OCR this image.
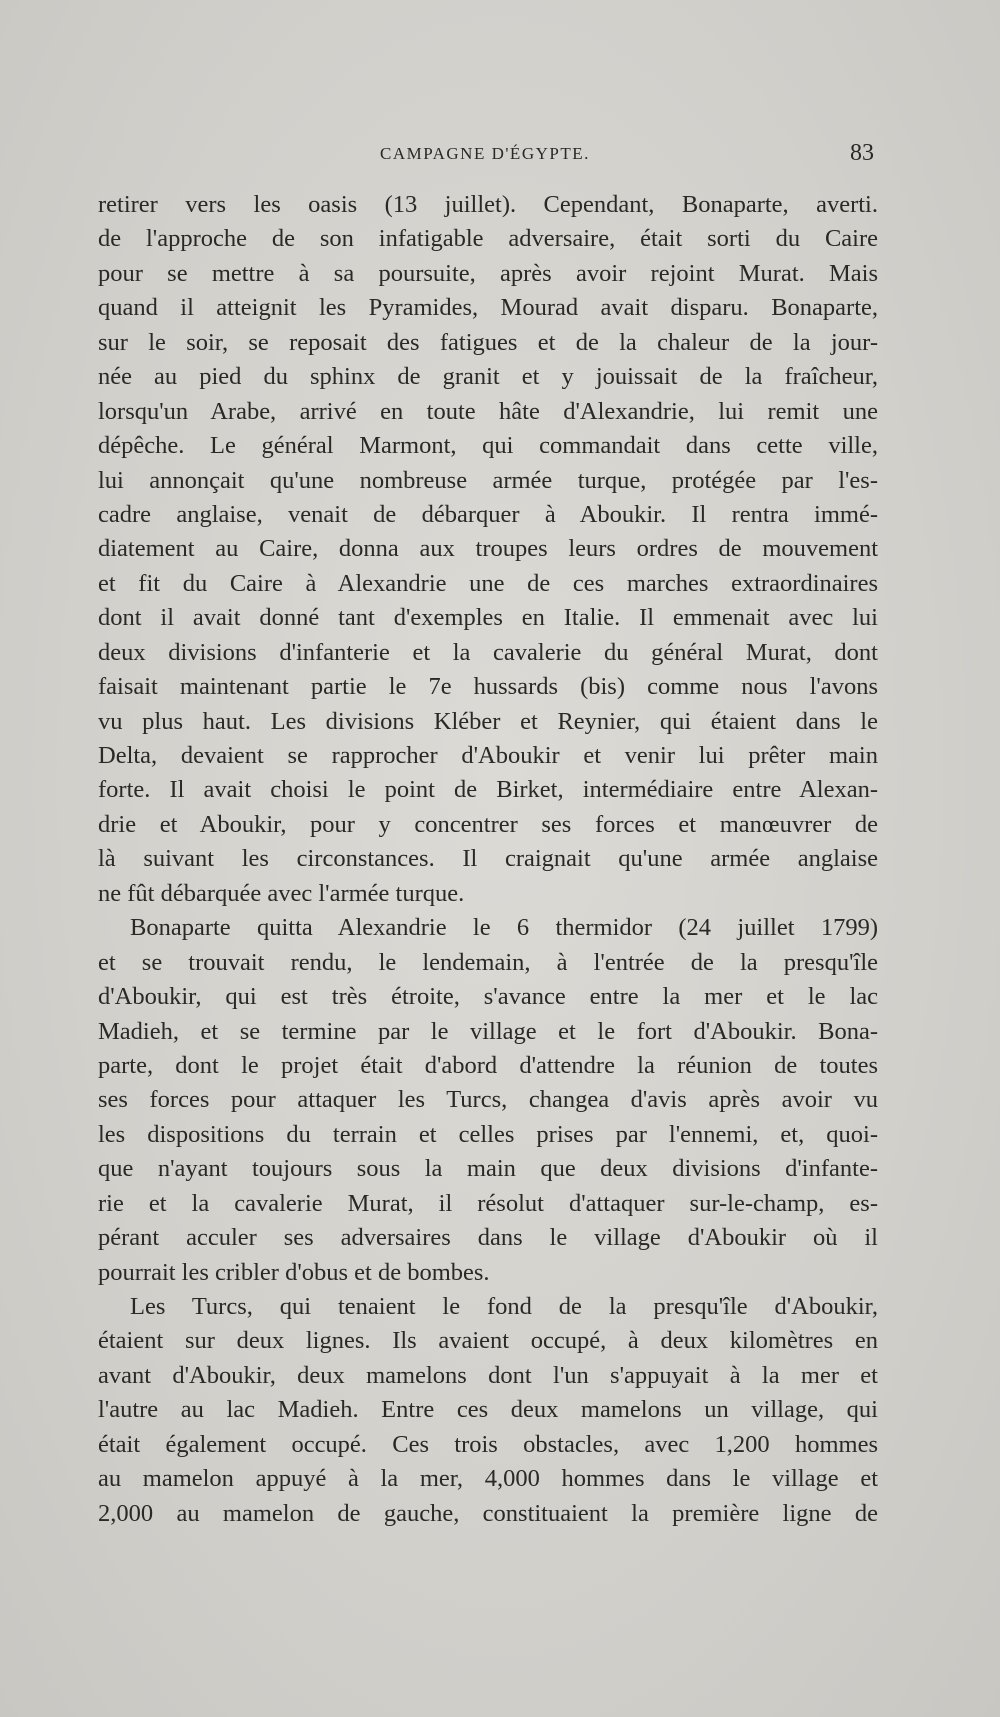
CAMPAGNE D'ÉGYPTE.	83
retirer vers les oasis (13 juillet). Cependant, Bonaparte, averti.
de l'approche de son infatigable adversaire, était sorti du Caire
pour se mettre à sa poursuite, après avoir rejoint Murat. Mais
quand il atteignit les Pyramides, Mourad avait disparu. Bonaparte,
sur le soir, se reposait des fatigues et de la chaleur de la jour-
née au pied du sphinx de granit et y jouissait de la fraîcheur,
lorsqu'un Arabe, arrivé en toute hâte d'Alexandrie, lui remit une
dépêche. Le général Marmont, qui commandait dans cette ville,
lui annonçait qu'une nombreuse armée turque, protégée par l'es-
cadre anglaise, venait de débarquer à Aboukir. Il rentra immé-
diatement au Caire, donna aux troupes leurs ordres de mouvement
et fit du Caire à Alexandrie une de ces marches extraordinaires
dont il avait donné tant d'exemples en Italie. Il emmenait avec lui
deux divisions d'infanterie et la cavalerie du général Murat, dont
faisait maintenant partie le 7e hussards (bis) comme nous l'avons
vu plus haut. Les divisions Kléber et Reynier, qui étaient dans le
Delta, devaient se rapprocher d'Aboukir et venir lui prêter main
forte. Il avait choisi le point de Birket, intermédiaire entre Alexan-
drie et Aboukir, pour y concentrer ses forces et manœuvrer de
là suivant les circonstances. Il craignait qu'une armée anglaise
ne fût débarquée avec l'armée turque.
Bonaparte quitta Alexandrie le 6 thermidor (24 juillet 1799)
et se trouvait rendu, le lendemain, à l'entrée de la presqu'île
d'Aboukir, qui est très étroite, s'avance entre la mer et le lac
Madieh, et se termine par le village et le fort d'Aboukir. Bona-
parte, dont le projet était d'abord d'attendre la réunion de toutes
ses forces pour attaquer les Turcs, changea d'avis après avoir vu
les dispositions du terrain et celles prises par l'ennemi, et, quoi-
que n'ayant toujours sous la main que deux divisions d'infante-
rie et la cavalerie Murat, il résolut d'attaquer sur-le-champ, es-
pérant acculer ses adversaires dans le village d'Aboukir où il
pourrait les cribler d'obus et de bombes.
Les Turcs, qui tenaient le fond de la presqu'île d'Aboukir,
étaient sur deux lignes. Ils avaient occupé, à deux kilomètres en
avant d'Aboukir, deux mamelons dont l'un s'appuyait à la mer et
l'autre au lac Madieh. Entre ces deux mamelons un village, qui
était également occupé. Ces trois obstacles, avec 1,200 hommes
au mamelon appuyé à la mer, 4,000 hommes dans le village et
2,000 au mamelon de gauche, constituaient la première ligne de
